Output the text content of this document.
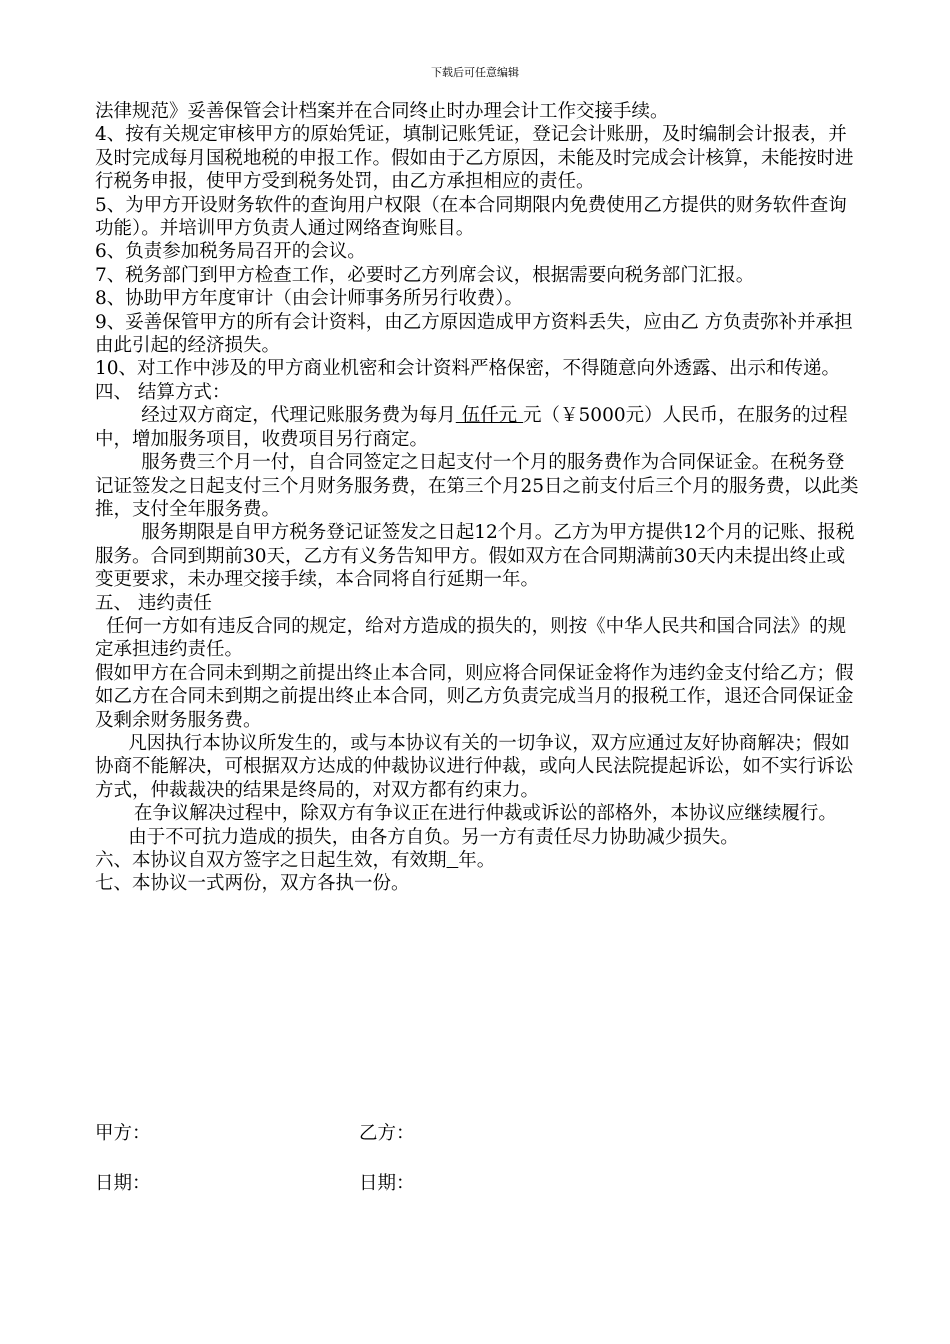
下载后可任意编辑

法律规范》妥善保管会计档案并在合同终止时办理会计工作交接手续。

4、按有关规定审核甲方的原始凭证，填制记账凭证，登记会计账册，及时编制会计报表，并及时完成每月国税地税的申报工作。假如由于乙方原因，未能及时完成会计核算，未能按时进行税务申报，使甲方受到税务处罚，由乙方承担相应的责任。

5、为甲方开设财务软件的查询用户权限（在本合同期限内免费使用乙方提供的财务软件查询功能）。并培训甲方负责人通过网络查询账目。

6、负责参加税务局召开的会议。

7、税务部门到甲方检查工作，必要时乙方列席会议，根据需要向税务部门汇报。

8、协助甲方年度审计（由会计师事务所另行收费）。

9、妥善保管甲方的所有会计资料，由乙方原因造成甲方资料丢失，应由乙 方负责弥补并承担由此引起的经济损失。

10、对工作中涉及的甲方商业机密和会计资料严格保密，不得随意向外透露、出示和传递。

四、 结算方式：

经过双方商定，代理记账服务费为每月 伍仟元 元（￥5000元）人民币，在服务的过程中，增加服务项目，收费项目另行商定。

服务费三个月一付，自合同签定之日起支付一个月的服务费作为合同保证金。在税务登记证签发之日起支付三个月财务服务费，在第三个月25日之前支付后三个月的服务费，以此类推，支付全年服务费。

服务期限是自甲方税务登记证签发之日起12个月。乙方为甲方提供12个月的记账、报税服务。合同到期前30天，乙方有义务告知甲方。假如双方在合同期满前30天内未提出终止或变更要求，未办理交接手续，本合同将自行延期一年。

五、 违约责任

任何一方如有违反合同的规定，给对方造成的损失的，则按《中华人民共和国合同法》的规定承担违约责任。

假如甲方在合同未到期之前提出终止本合同，则应将合同保证金将作为违约金支付给乙方；假如乙方在合同未到期之前提出终止本合同，则乙方负责完成当月的报税工作，退还合同保证金及剩余财务服务费。

凡因执行本协议所发生的，或与本协议有关的一切争议，双方应通过友好协商解决；假如协商不能解决，可根据双方达成的仲裁协议进行仲裁，或向人民法院提起诉讼，如不实行诉讼方式，仲裁裁决的结果是终局的，对双方都有约束力。

在争议解决过程中，除双方有争议正在进行仲裁或诉讼的部格外，本协议应继续履行。

由于不可抗力造成的损失，由各方自负。另一方有责任尽力协助减少损失。

六、本协议自双方签字之日起生效，有效期 年。

七、本协议一式两份，双方各执一份。

甲方：	乙方：
日期：	日期：
